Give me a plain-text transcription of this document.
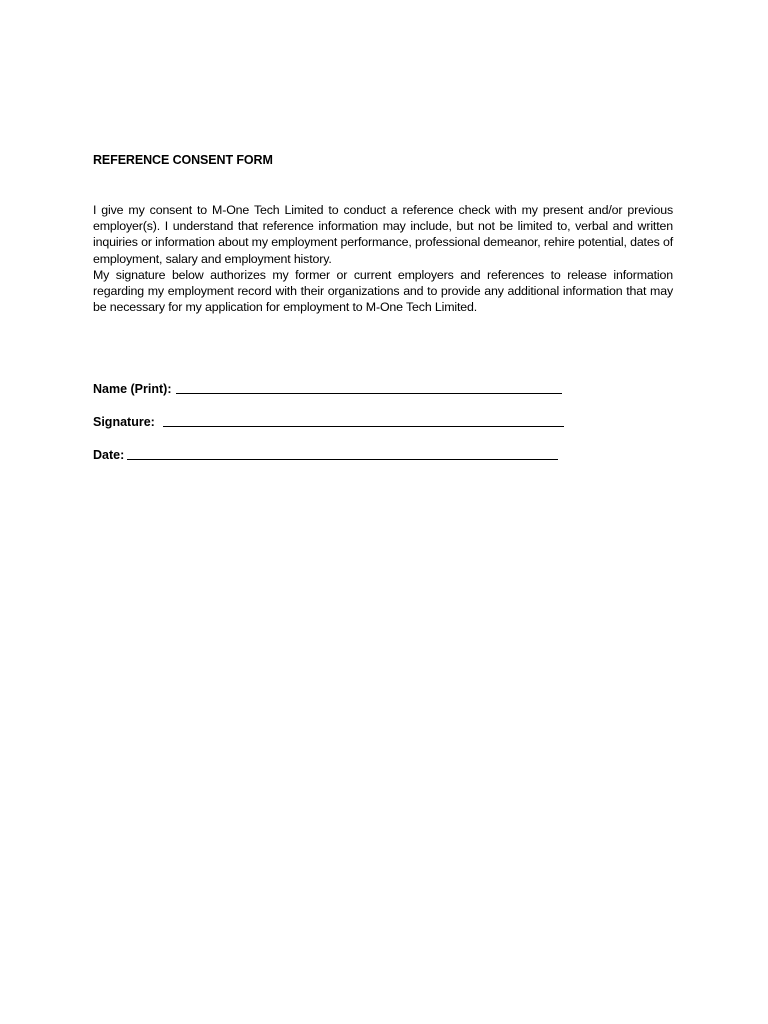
REFERENCE CONSENT FORM

I give my consent to M-One Tech Limited to conduct a reference check with my present and/or previous employer(s). I understand that reference information may include, but not be limited to, verbal and written inquiries or information about my employment performance, professional demeanor, rehire potential, dates of employment, salary and employment history.

My signature below authorizes my former or current employers and references to release information regarding my employment record with their organizations and to provide any additional information that may be necessary for my application for employment to M-One Tech Limited.

Name (Print):
Signature:
Date:
